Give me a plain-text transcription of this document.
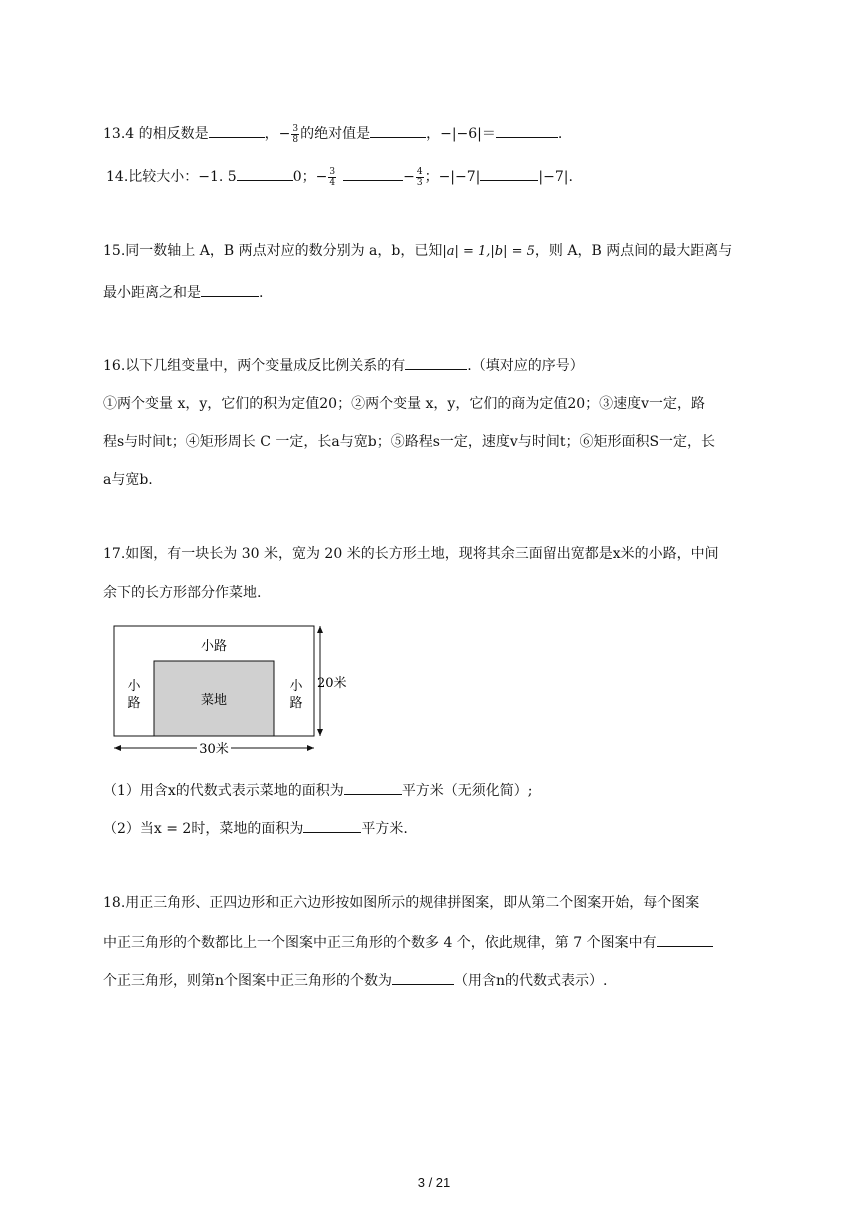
13.4 的相反数是	，− $\frac{3}{8}$ 的绝对值是	，−|−6|＝	.
14.比较大小：−1. 5	0；− $\frac{3}{4}$	− $\frac{4}{3}$ ；−|−7|	|−7|.
15.同一数轴上 A，B 两点对应的数分别为 a，b，已知|a| = 1,|b| = 5，则 A，B 两点间的最大距离与
最小距离之和是	.
16.以下几组变量中，两个变量成反比例关系的有	.（填对应的序号）
①两个变量 x，y，它们的积为定值20；②两个变量 x，y，它们的商为定值20；③速度v一定，路
程s与时间t；④矩形周长 C 一定，长a与宽b；⑤路程s一定，速度v与时间t；⑥矩形面积S一定，长
a与宽b.
17.如图，有一块长为 30 米，宽为 20 米的长方形土地，现将其余三面留出宽都是x米的小路，中间
余下的长方形部分作菜地.
小路
小
路
小
路
菜地
20米
30米
（1）用含x的代数式表示菜地的面积为	平方米（无须化简）;
（2）当x = 2时，菜地的面积为	平方米.
18.用正三角形、正四边形和正六边形按如图所示的规律拼图案，即从第二个图案开始，每个图案
中正三角形的个数都比上一个图案中正三角形的个数多 4 个，依此规律，第 7 个图案中有
个正三角形，则第n个图案中正三角形的个数为	（用含n的代数式表示）.
3 / 21
